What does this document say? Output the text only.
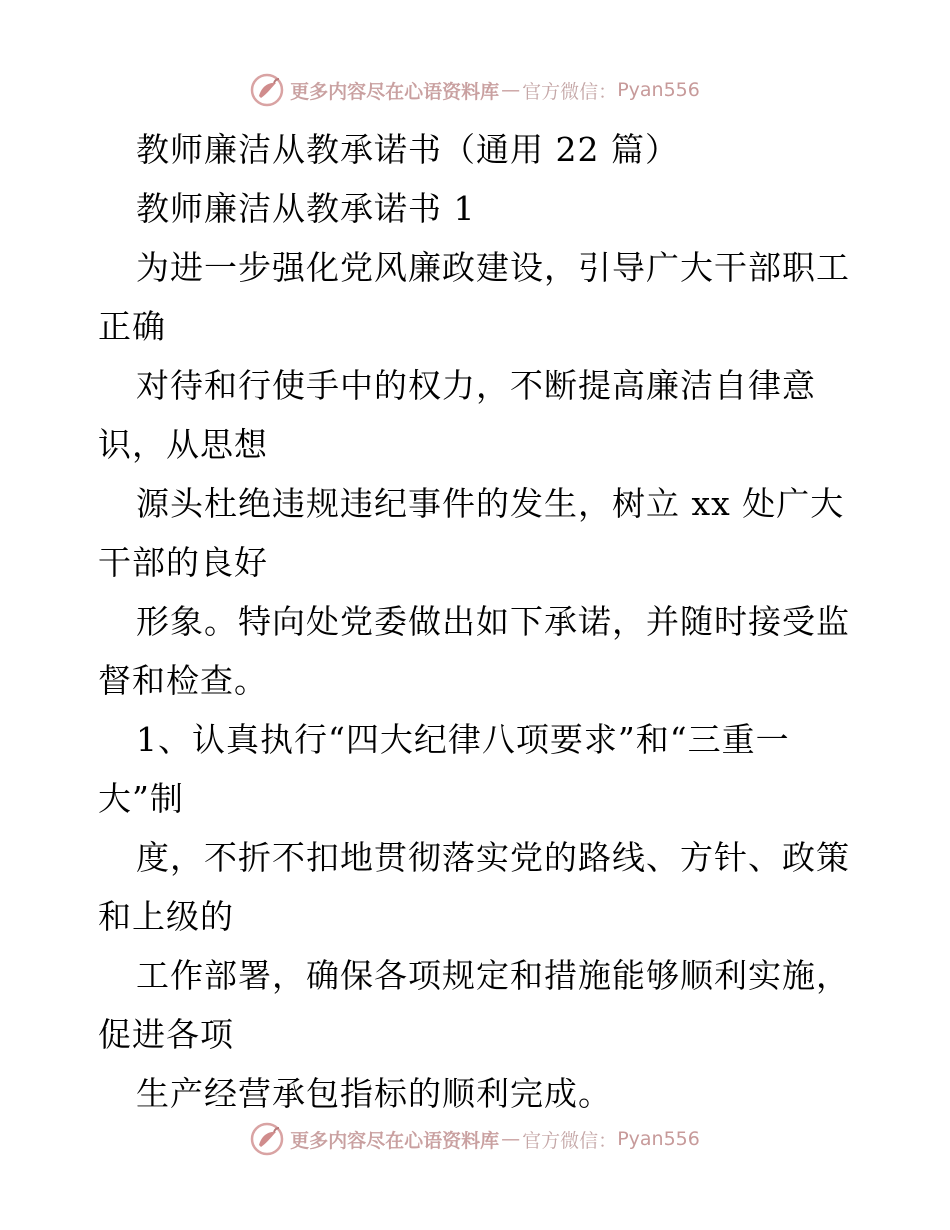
更多内容尽在心语资料库 — 官方微信： Pyan556
教师廉洁从教承诺书（通用 22 篇）
教师廉洁从教承诺书 1
为进一步强化党风廉政建设，引导广大干部职工
正确
对待和行使手中的权力，不断提高廉洁自律意
识，从思想
源头杜绝违规违纪事件的发生，树立 xx 处广大
干部的良好
形象。特向处党委做出如下承诺，并随时接受监
督和检查。
1、认真执行“四大纪律八项要求”和“三重一
大”制
度，不折不扣地贯彻落实党的路线、方针、政策
和上级的
工作部署，确保各项规定和措施能够顺利实施，
促进各项
生产经营承包指标的顺利完成。
更多内容尽在心语资料库 — 官方微信： Pyan556
